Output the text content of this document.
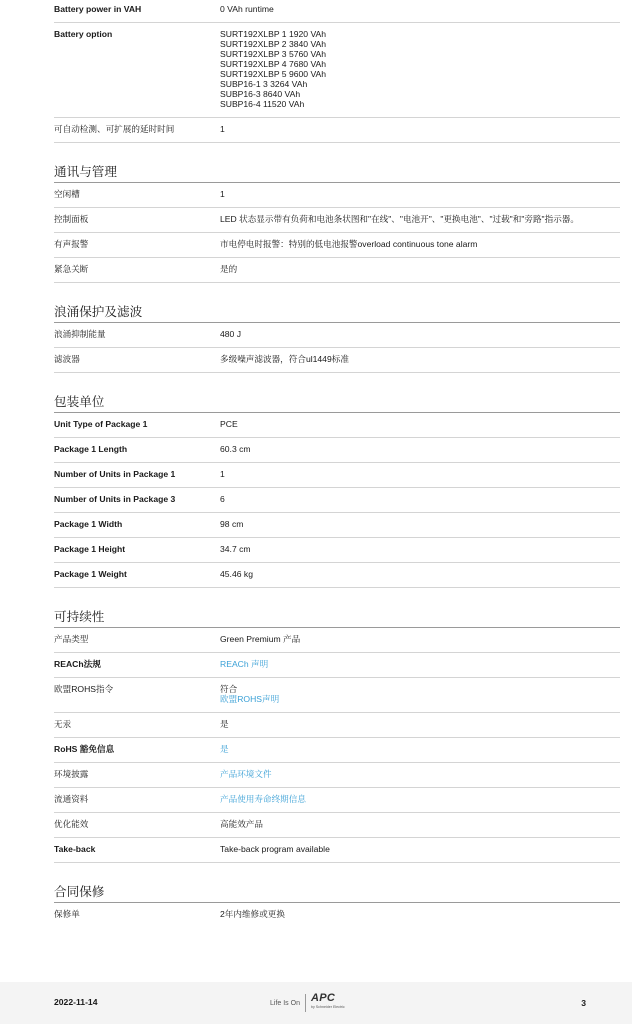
Battery power in VAH	0 VAh runtime
Battery option	SURT192XLBP 1 1920 VAh
SURT192XLBP 2 3840 VAh
SURT192XLBP 3 5760 VAh
SURT192XLBP 4 7680 VAh
SURT192XLBP 5 9600 VAh
SUBP16-1 3 3264 VAh
SUBP16-3 8640 VAh
SUBP16-4 11520 VAh
可自动检测、可扩展的延时时间	1
通讯与管理
空闲槽	1
控制面板	LED 状态显示带有负荷和电池条状图和"在线"、"电池开"、"更换电池"、"过载"和"旁路"指示器。
有声报警	市电停电时报警：特别的低电池报警overload continuous tone alarm
紧急关断	是的
浪涌保护及滤波
浪涌抑制能量	480 J
滤波器	多级噪声滤波器，符合ul1449标准
包装单位
Unit Type of Package 1	PCE
Package 1 Length	60.3 cm
Number of Units in Package 1	1
Number of Units in Package 3	6
Package 1 Width	98 cm
Package 1 Height	34.7 cm
Package 1 Weight	45.46 kg
可持续性
产品类型	Green Premium 产品
REACh法规	REACh 声明
欧盟ROHS指令	符合
欧盟ROHS声明
无汞	是
RoHS 豁免信息	是
环境披露	产品环境文件
流通资料	产品使用寿命终期信息
优化能效	高能效产品
Take-back	Take-back program available
合同保修
保修单	2年内维修或更换
2022-11-14	Life Is On APC
by Schneider Electric	3
